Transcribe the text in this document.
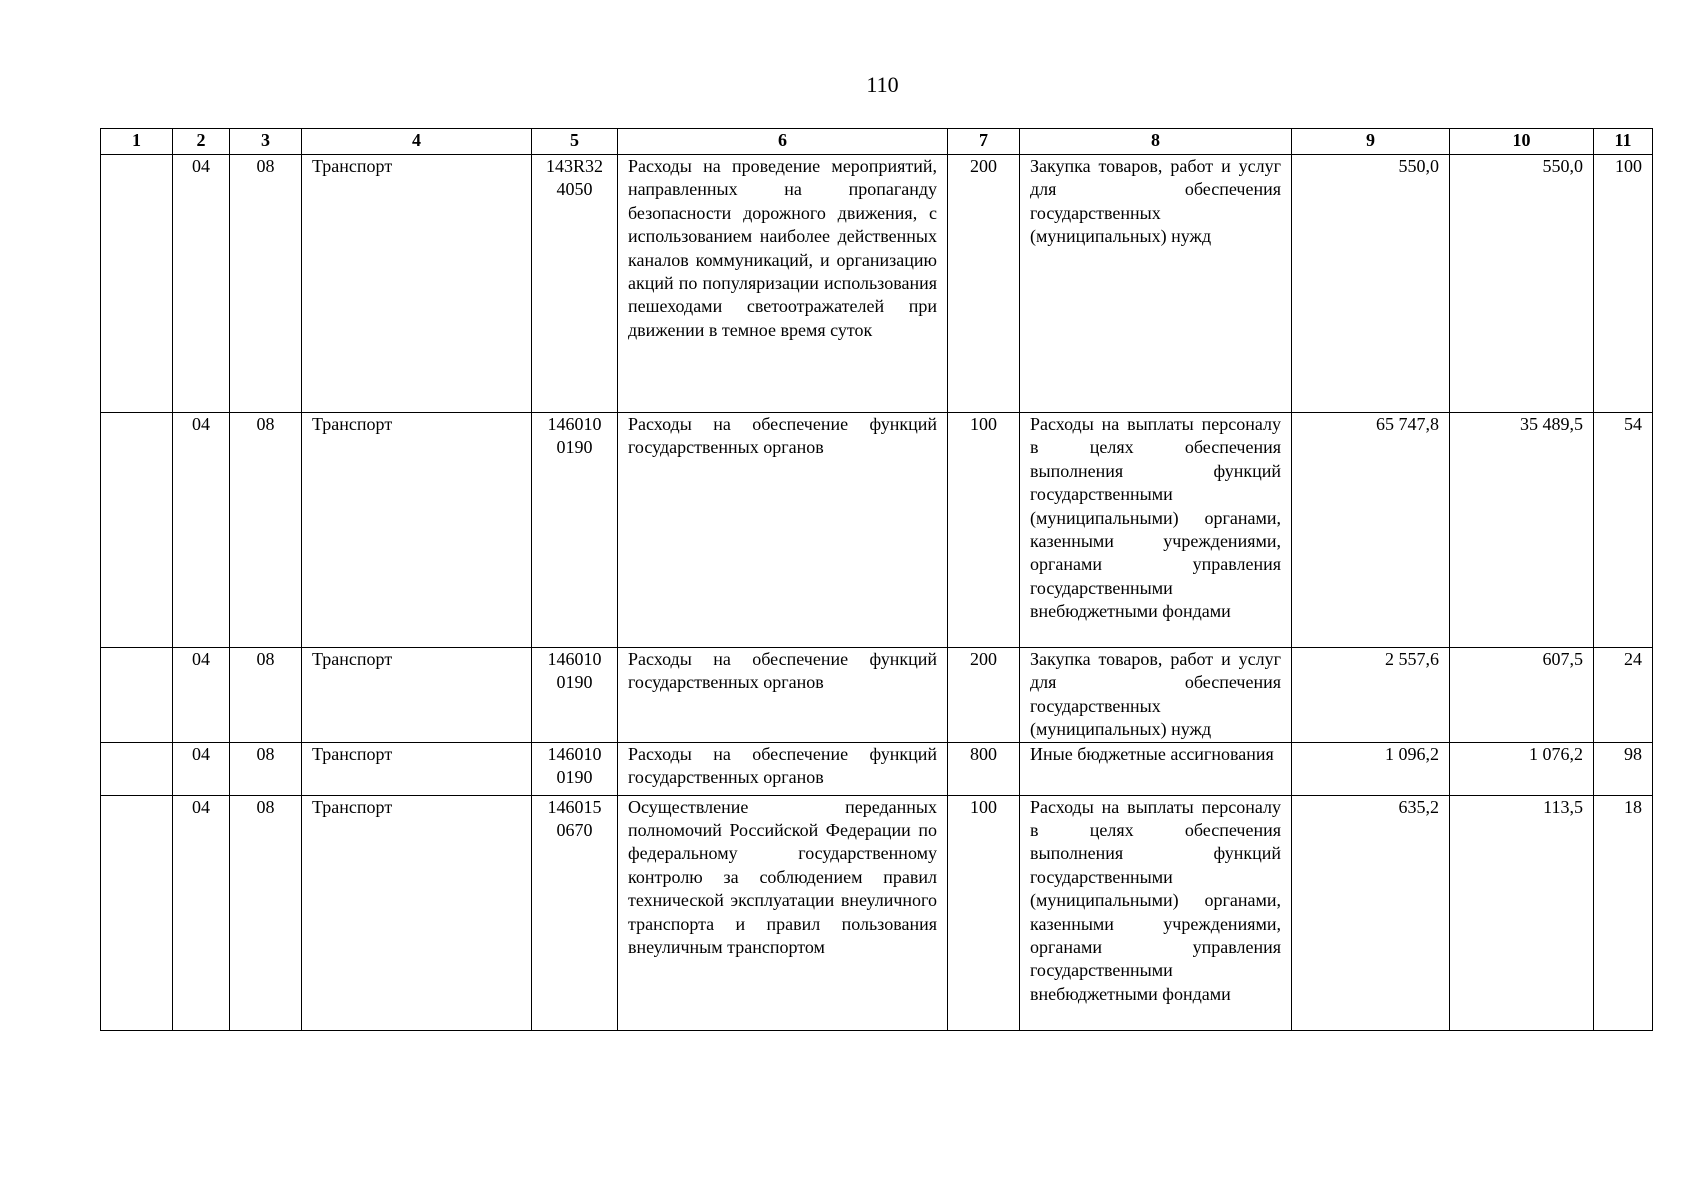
110
1	2	3	4	5	6	7	8	9	10	11
	04	08	Транспорт	143R32 4050	Расходы на проведение мероприятий, направленных на пропаганду безопасности дорожного движения, с использованием наиболее действенных каналов коммуникаций, и организацию акций по популяризации использования пешеходами светоотражателей при движении в темное время суток	200	Закупка товаров, работ и услуг для обеспечения государственных (муниципальных) нужд	550,0	550,0	100
	04	08	Транспорт	146010 0190	Расходы на обеспечение функций государственных органов	100	Расходы на выплаты персоналу в целях обеспечения выполнения функций государственными (муниципальными) органами, казенными учреждениями, органами управления государственными внебюджетными фондами	65 747,8	35 489,5	54
	04	08	Транспорт	146010 0190	Расходы на обеспечение функций государственных органов	200	Закупка товаров, работ и услуг для обеспечения государственных (муниципальных) нужд	2 557,6	607,5	24
	04	08	Транспорт	146010 0190	Расходы на обеспечение функций государственных органов	800	Иные бюджетные ассигнования	1 096,2	1 076,2	98
	04	08	Транспорт	146015 0670	Осуществление переданных полномочий Российской Федерации по федеральному государственному контролю за соблюдением правил технической эксплуатации внеуличного транспорта и правил пользования внеуличным транспортом	100	Расходы на выплаты персоналу в целях обеспечения выполнения функций государственными (муниципальными) органами, казенными учреждениями, органами управления государственными внебюджетными фондами	635,2	113,5	18
